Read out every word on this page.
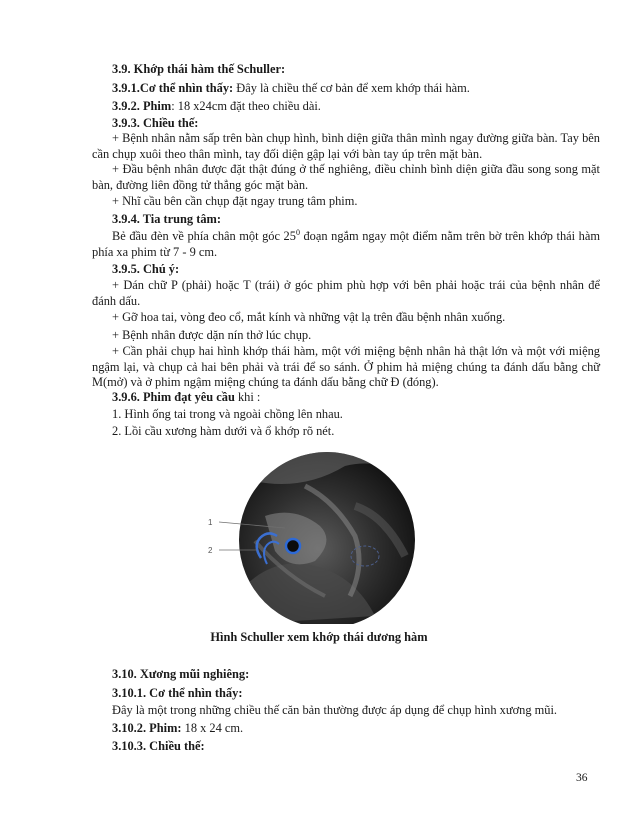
3.9. Khớp thái hàm thế Schuller:
3.9.1.Cơ thể nhìn thấy: Đây là chiều thế cơ bản để xem khớp thái hàm.
3.9.2. Phim: 18 x24cm đặt theo chiều dài.
3.9.3. Chiều thế:
+ Bệnh nhân nằm sấp trên bàn chụp hình, bình diện giữa thân mình ngay đường giữa bàn. Tay bên cần chụp xuôi theo thân mình, tay đối diện gập lại với bàn tay úp trên mặt bàn.
+ Đầu bệnh nhân được đặt thật đúng ở thế nghiêng, điều chỉnh bình diện giữa đầu song song mặt bàn, đường liên đồng tử thẳng góc mặt bàn.
+ Nhĩ cầu bên cần chụp đặt ngay trung tâm phim.
3.9.4. Tia trung tâm:
Bẻ đầu đèn về phía chân một góc $25^0$ đoạn ngắm ngay một điểm nằm trên bờ trên khớp thái hàm phía xa phim từ 7 - 9 cm.
3.9.5. Chú ý:
+ Dán chữ P (phải) hoặc T (trái) ở góc phim phù hợp với bên phải hoặc trái của bệnh nhân để đánh dấu.
+ Gỡ hoa tai, vòng đeo cổ, mắt kính và những vật lạ trên đầu bệnh nhân xuống.
+ Bệnh nhân được dặn nín thở lúc chụp.
+ Cần phải chụp hai hình khớp thái hàm, một với miệng bệnh nhân hả thật lớn và một với miệng ngậm lại, và chụp cả hai bên phải và trái để so sánh. Ở phim hả miệng chúng ta đánh dấu bằng chữ M(mở) và ở phim ngậm miệng chúng ta đánh dấu bằng chữ Đ (đóng).
3.9.6. Phim đạt yêu cầu khi :
1. Hình ống tai trong và ngoài chồng lên nhau.
2. Lồi cầu xương hàm dưới và ổ khớp rõ nét.
1
2
Hình Schuller xem khớp thái dương hàm
3.10. Xương mũi nghiêng:
3.10.1. Cơ thể nhìn thấy:
Đây là một trong những chiều thế căn bản thường được áp dụng để chụp hình xương mũi.
3.10.2. Phim: 18 x 24 cm.
3.10.3. Chiều thế:
36
